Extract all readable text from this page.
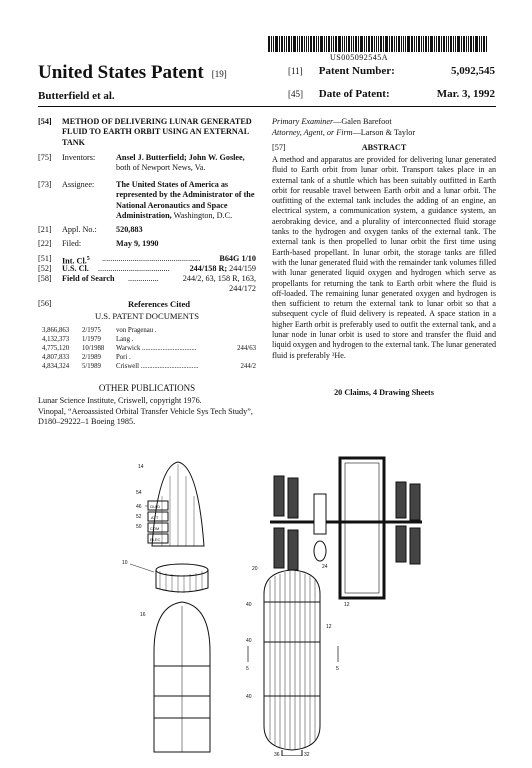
US005092545A
United States Patent [19]
Butterfield et al.
[11] Patent Number:	5,092,545
[45] Date of Patent:	Mar. 3, 1992
[54]	METHOD OF DELIVERING LUNAR GENERATED FLUID TO EARTH ORBIT USING AN EXTERNAL TANK
[75]	Inventors:	Ansel J. Butterfield; John W. Goslee,
both of Newport News, Va.
[73]	Assignee:	The United States of America as represented by the Administrator of the National Aeronautics and Space Administration, Washington, D.C.
[21]	Appl. No.: 520,883
[22]	Filed:	May 9, 1990
[51]	Int. Cl.$^5$ ................................................	B64G 1/10
[52]	U.S. Cl. ...................................	244/158 R; 244/159
[58]	Field of Search ...............	244/2, 63, 158 R, 163, 244/172
[56]	References Cited
U.S. PATENT DOCUMENTS
3,866,863 2/1975 von Pragenau .
4,132,373 1/1979 Lang .
4,775,120 10/1988 Warwick ................................	244/63
4,807,833 2/1989 Pori .
4,834,324 5/1989 Criswell ..................................	244/2
OTHER PUBLICATIONS
Lunar Science Institute, Criswell, copyright 1976.
Vinopal, “Aeroassisted Orbital Transfer Vehicle Sys Tech Study”, D180–29222–1 Boeing 1985.
Primary Examiner—Galen Barefoot
Attorney, Agent, or Firm—Larson & Taylor
[57]	ABSTRACT
A method and apparatus are provided for delivering lunar generated fluid to Earth orbit from lunar orbit. Transport takes place in an external tank of a shuttle which has been suitably outfitted in Earth orbit for reusable travel between Earth orbit and a lunar orbit. The outfitting of the external tank includes the adding of an engine, an electrical system, a communication system, a guidance system, an aerobraking device, and a plurality of interconnected fluid storage tanks to the hydrogen and oxygen tanks of the external tank. The external tank is then propelled to lunar orbit the first time using Earth-based propellant. In lunar orbit, the storage tanks are filled with the lunar generated fluid with the remainder tank volumes filled with lunar generated liquid oxygen and hydrogen which serve as propellants for returning the tank to Earth orbit where the fluid is off-loaded. The remaining lunar generated oxygen and hydrogen is then sufficient to return the external tank to lunar orbit so that a subsequent cycle of fluid delivery is repeated. A space station in a higher Earth orbit is preferably used to outfit the external tank, and a lunar node in lunar orbit is used to store and transfer the fluid and liquid oxygen and hydrogen to the external tank. The lunar generated fluid is preferably ³He.
20 Claims, 4 Drawing Sheets
14
54
46
52
50
GUID
ATT
COM
ELEC
10
16
12
20	24
12
40
40
5	5
40
36	32
